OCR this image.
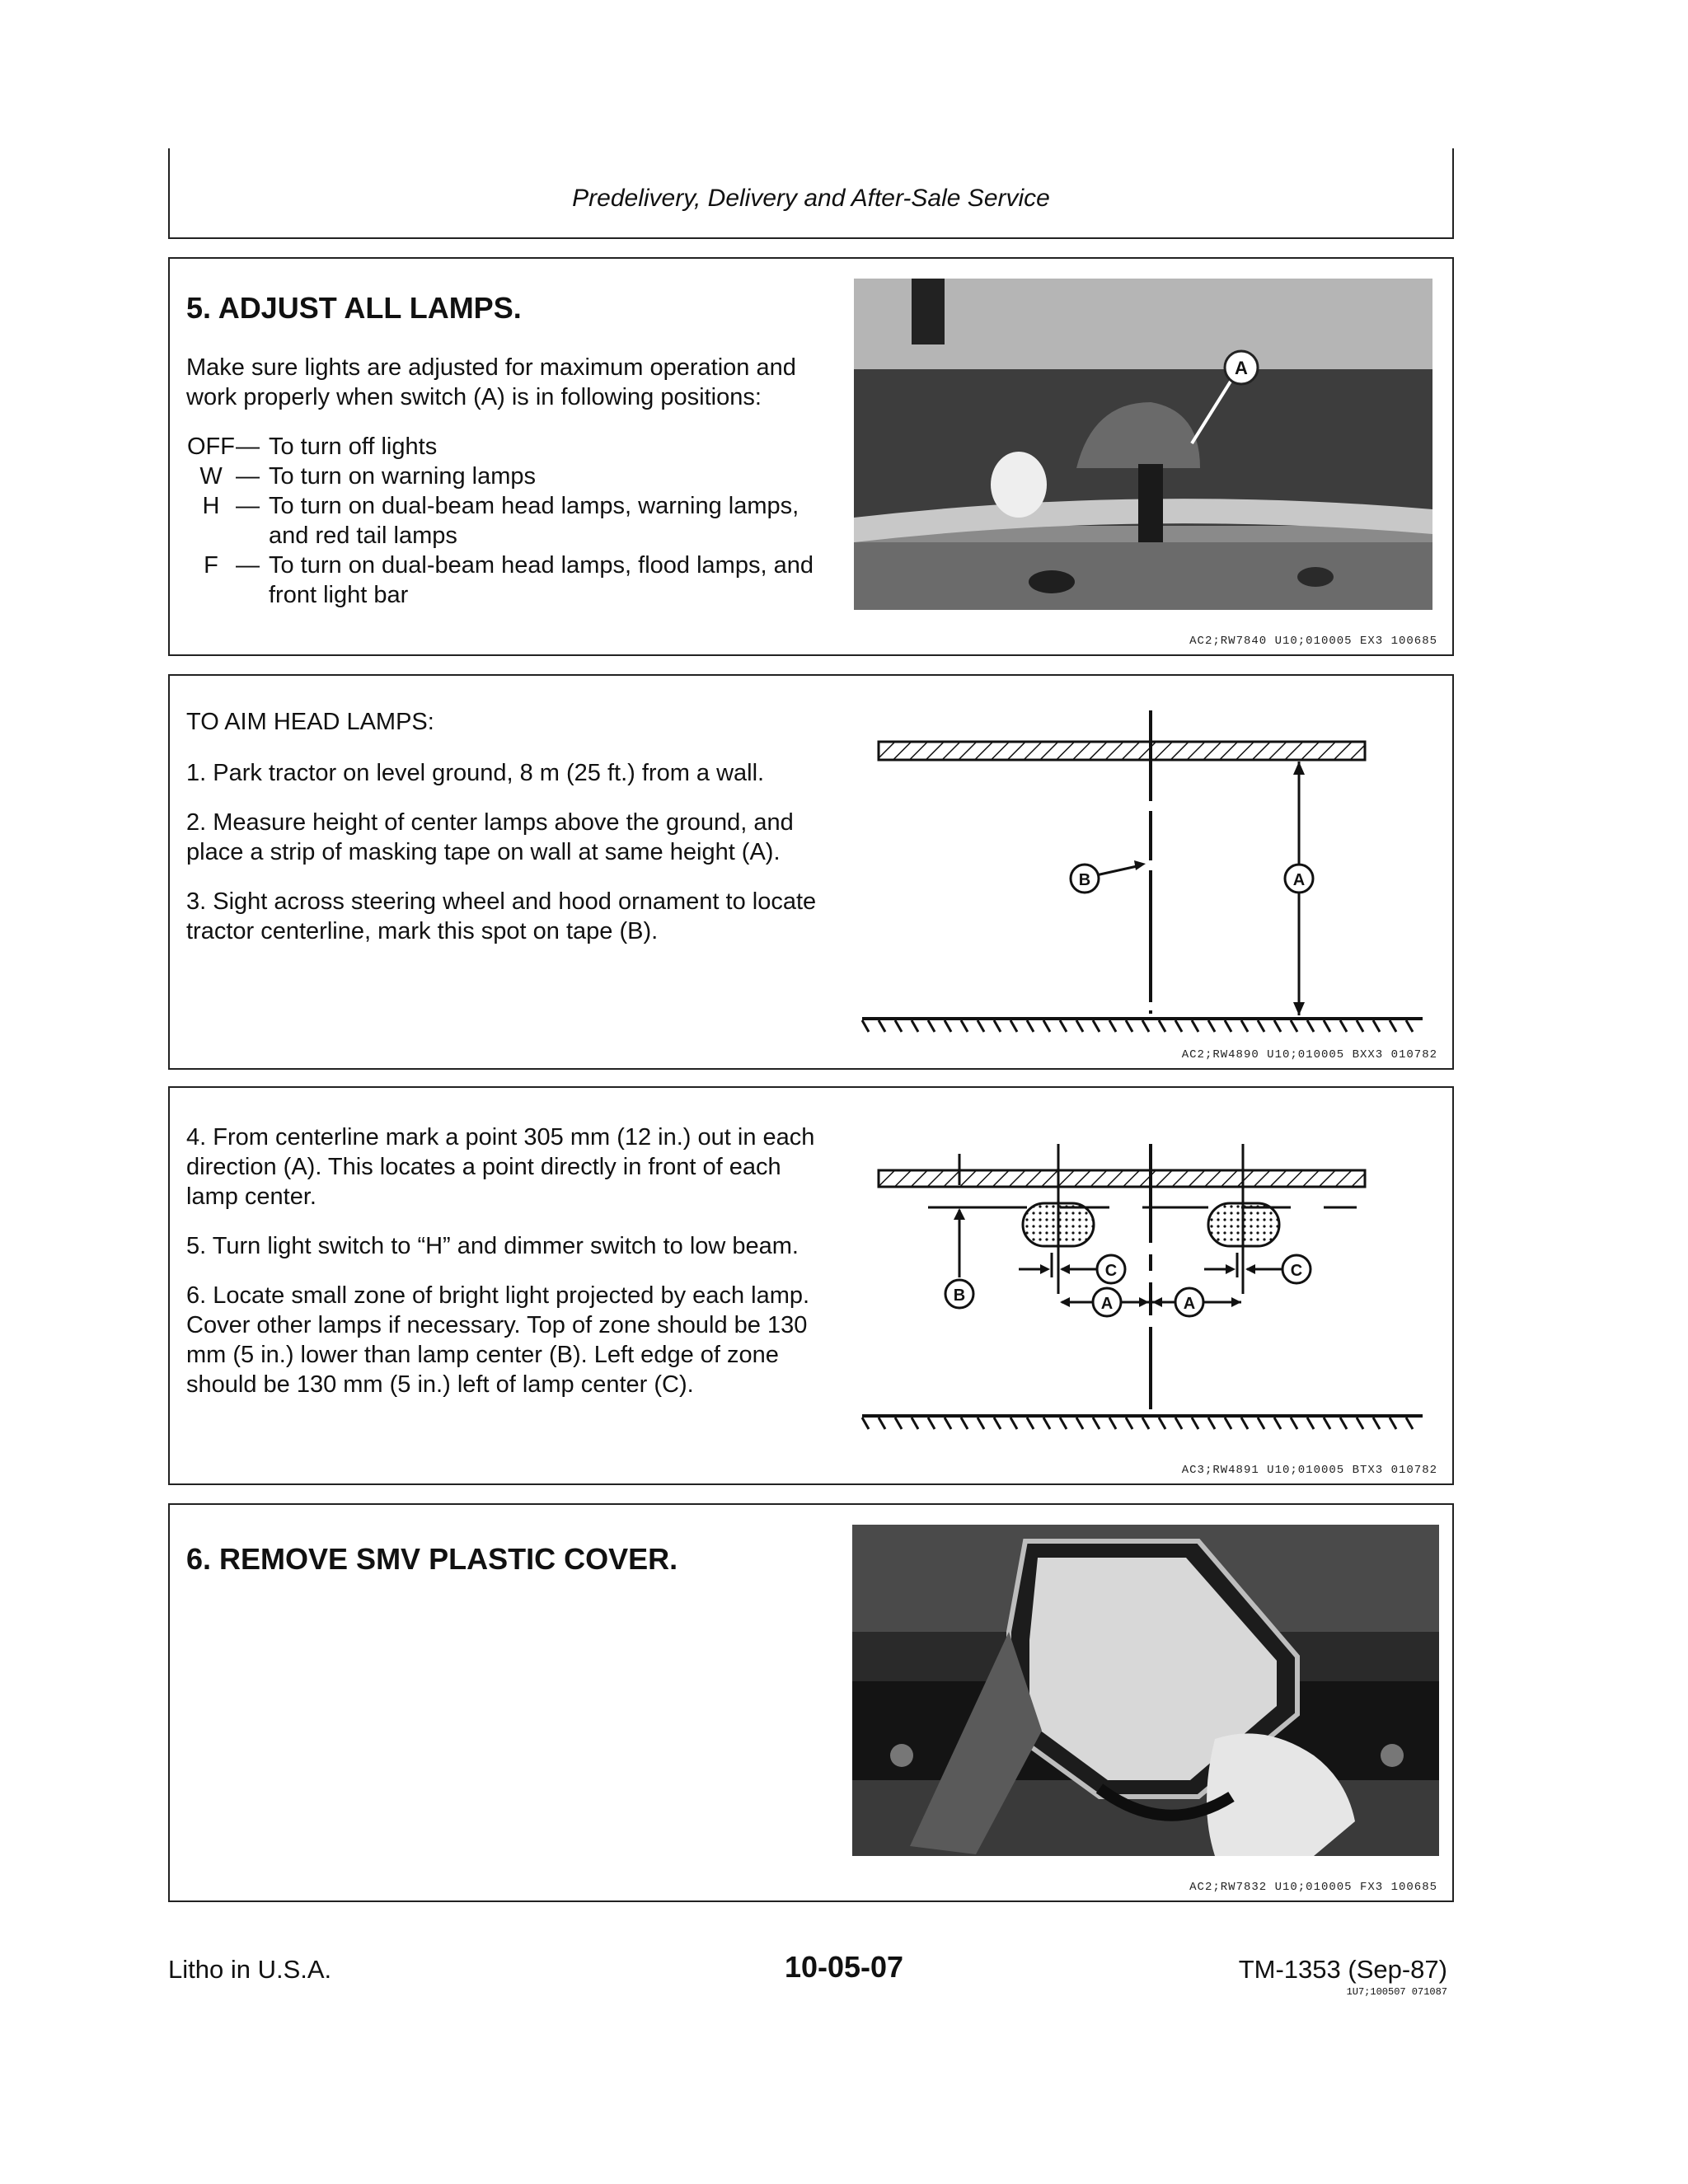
Predelivery, Delivery and After-Sale Service
5. ADJUST ALL LAMPS.

Make sure lights are adjusted for maximum operation and work properly when switch (A) is in following positions:

OFF — To turn off lights
W — To turn on warning lamps
H — To turn on dual-beam head lamps, warning lamps, and red tail lamps
F — To turn on dual-beam head lamps, flood lamps, and front light bar
A
AC2;RW7840 U10;010005 EX3 100685

TO AIM HEAD LAMPS:

1. Park tractor on level ground, 8 m (25 ft.) from a wall.

2. Measure height of center lamps above the ground, and place a strip of masking tape on wall at same height (A).

3. Sight across steering wheel and hood ornament to locate tractor centerline, mark this spot on tape (B).

B	A
AC2;RW4890 U10;010005 BXX3 010782

4. From centerline mark a point 305 mm (12 in.) out in each direction (A). This locates a point directly in front of each lamp center.

5. Turn light switch to “H” and dimmer switch to low beam.

6. Locate small zone of bright light projected by each lamp. Cover other lamps if necessary. Top of zone should be 130 mm (5 in.) lower than lamp center (B). Left edge of zone should be 130 mm (5 in.) left of lamp center (C).

C	C
A	A
B
AC3;RW4891 U10;010005 BTX3 010782
6. REMOVE SMV PLASTIC COVER.
AC2;RW7832 U10;010005 FX3 100685
Litho in U.S.A.	10-05-07	TM-1353 (Sep-87)
1U7;100507 071087
